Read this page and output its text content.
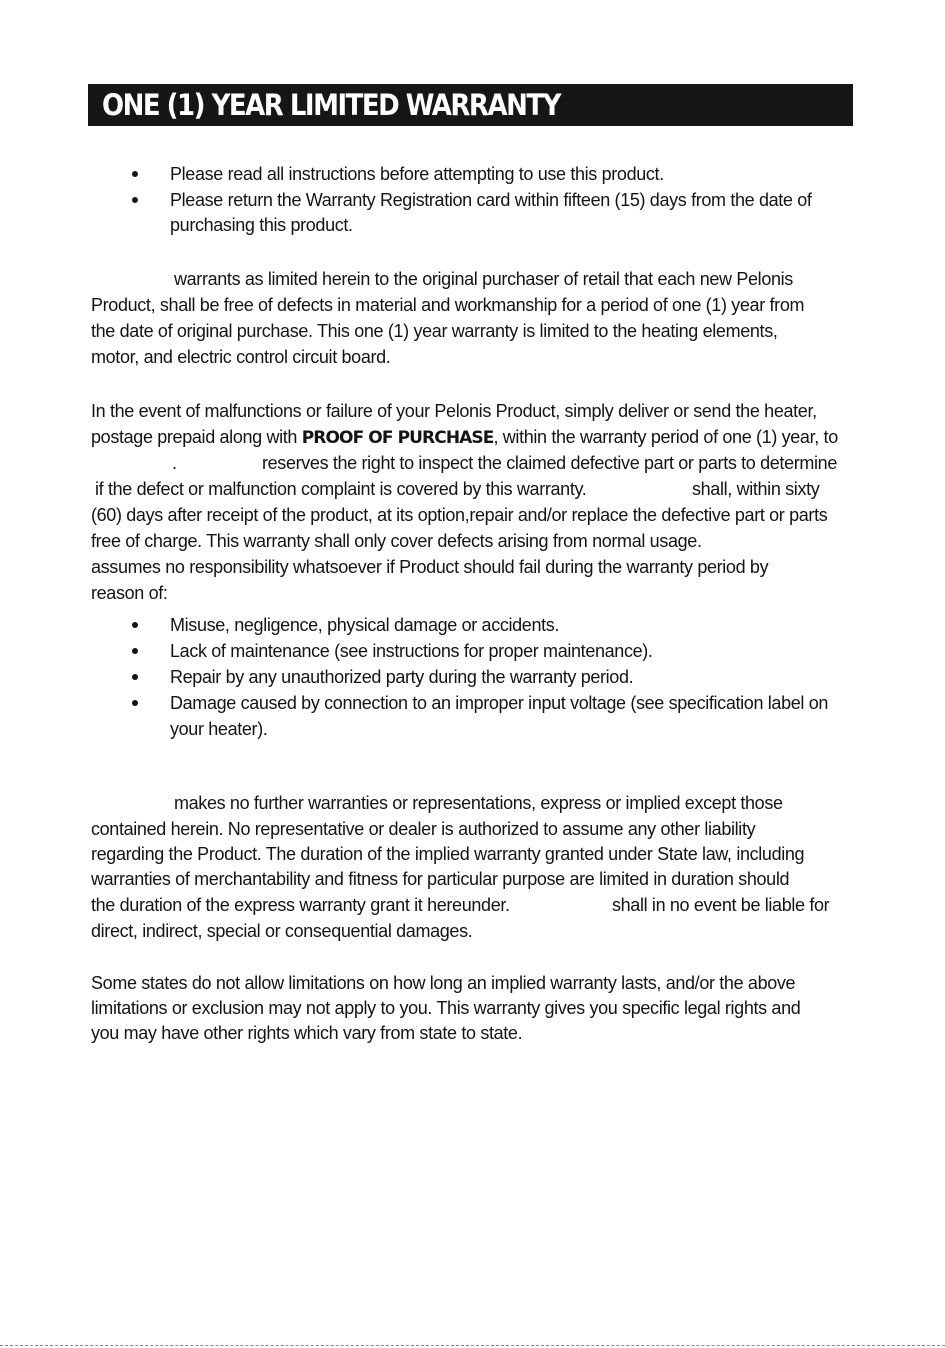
ONE (1) YEAR LIMITED WARRANTY
Please read all instructions before attempting to use this product.
Please return the Warranty Registration card within fifteen (15) days from the date of
purchasing this product.
warrants as limited herein to the original purchaser of retail that each new Pelonis
Product, shall be free of defects in material and workmanship for a period of one (1) year from
the date of original purchase. This one (1) year warranty is limited to the heating elements,
motor, and electric control circuit board.
In the event of malfunctions or failure of your Pelonis Product, simply deliver or send the heater,
postage prepaid along with PROOF OF PURCHASE, within the warranty period of one (1) year, to
.	reserves the right to inspect the claimed defective part or parts to determine
if the defect or malfunction complaint is covered by this warranty.	shall, within sixty
(60) days after receipt of the product, at its option,repair and/or replace the defective part or parts
free of charge. This warranty shall only cover defects arising from normal usage.
assumes no responsibility whatsoever if Product should fail during the warranty period by
reason of:
Misuse, negligence, physical damage or accidents.
Lack of maintenance (see instructions for proper maintenance).
Repair by any unauthorized party during the warranty period.
Damage caused by connection to an improper input voltage (see specification label on
your heater).
makes no further warranties or representations, express or implied except those
contained herein. No representative or dealer is authorized to assume any other liability
regarding the Product. The duration of the implied warranty granted under State law, including
warranties of merchantability and fitness for particular purpose are limited in duration should
the duration of the express warranty grant it hereunder.	shall in no event be liable for
direct, indirect, special or consequential damages.
Some states do not allow limitations on how long an implied warranty lasts, and/or the above
limitations or exclusion may not apply to you. This warranty gives you specific legal rights and
you may have other rights which vary from state to state.
